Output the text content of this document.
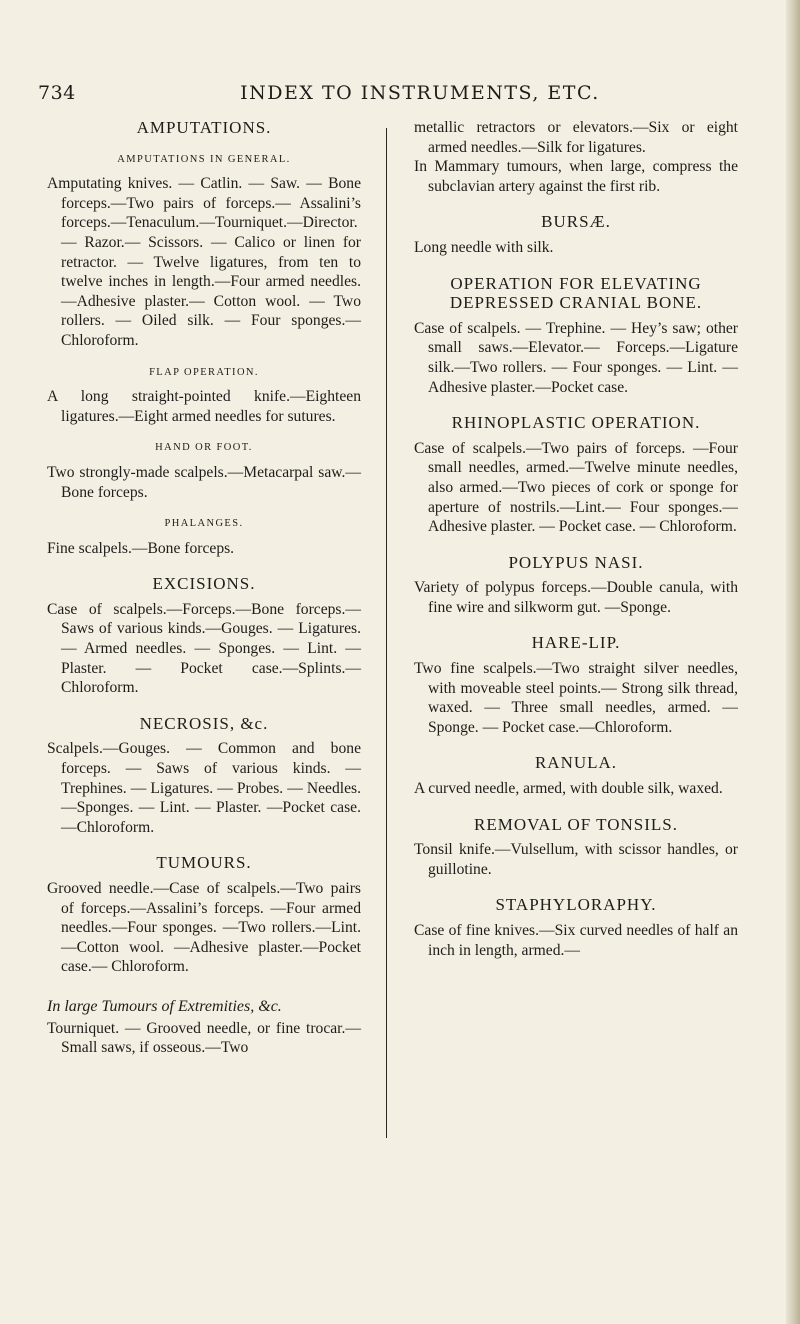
734	INDEX TO INSTRUMENTS, ETC.
AMPUTATIONS.
AMPUTATIONS IN GENERAL.

Amputating knives. — Catlin. — Saw. — Bone forceps.—Two pairs of forceps.— Assalini’s forceps.—Tenaculum.—Tourniquet.—Director.— Razor.— Scissors. — Calico or linen for retractor. — Twelve ligatures, from ten to twelve inches in length.—Four armed needles. —Adhesive plaster.— Cotton wool. — Two rollers. — Oiled silk. — Four sponges.—Chloroform.

FLAP OPERATION.

A long straight-pointed knife.—Eighteen ligatures.—Eight armed needles for sutures.

HAND OR FOOT.

Two strongly-made scalpels.—Metacarpal saw.—Bone forceps.

PHALANGES.

Fine scalpels.—Bone forceps.

EXCISIONS.

Case of scalpels.—Forceps.—Bone forceps.—Saws of various kinds.—Gouges. — Ligatures. — Armed needles. — Sponges. — Lint. — Plaster. — Pocket case.—Splints.—Chloroform.

NECROSIS, &c.

Scalpels.—Gouges. — Common and bone forceps. — Saws of various kinds. — Trephines. — Ligatures. — Probes. — Needles.—Sponges. — Lint. — Plaster. —Pocket case.—Chloroform.

TUMOURS.

Grooved needle.—Case of scalpels.—Two pairs of forceps.—Assalini’s forceps. —Four armed needles.—Four sponges. —Two rollers.—Lint.—Cotton wool. —Adhesive plaster.—Pocket case.— Chloroform.

In large Tumours of Extremities, &c.

Tourniquet. — Grooved needle, or fine trocar.—Small saws, if osseous.—Two

metallic retractors or elevators.—Six or eight armed needles.—Silk for ligatures.

In Mammary tumours, when large, compress the subclavian artery against the first rib.

BURSÆ.

Long needle with silk.

OPERATION FOR ELEVATING DEPRESSED CRANIAL BONE.

Case of scalpels. — Trephine. — Hey’s saw; other small saws.—Elevator.— Forceps.—Ligature silk.—Two rollers. — Four sponges. — Lint. — Adhesive plaster.—Pocket case.

RHINOPLASTIC OPERATION.

Case of scalpels.—Two pairs of forceps. —Four small needles, armed.—Twelve minute needles, also armed.—Two pieces of cork or sponge for aperture of nostrils.—Lint.— Four sponges.— Adhesive plaster. — Pocket case. — Chloroform.

POLYPUS NASI.

Variety of polypus forceps.—Double canula, with fine wire and silkworm gut. —Sponge.

HARE-LIP.

Two fine scalpels.—Two straight silver needles, with moveable steel points.— Strong silk thread, waxed. — Three small needles, armed. — Sponge. — Pocket case.—Chloroform.

RANULA.

A curved needle, armed, with double silk, waxed.

REMOVAL OF TONSILS.

Tonsil knife.—Vulsellum, with scissor handles, or guillotine.

STAPHYLORAPHY.

Case of fine knives.—Six curved needles of half an inch in length, armed.—
